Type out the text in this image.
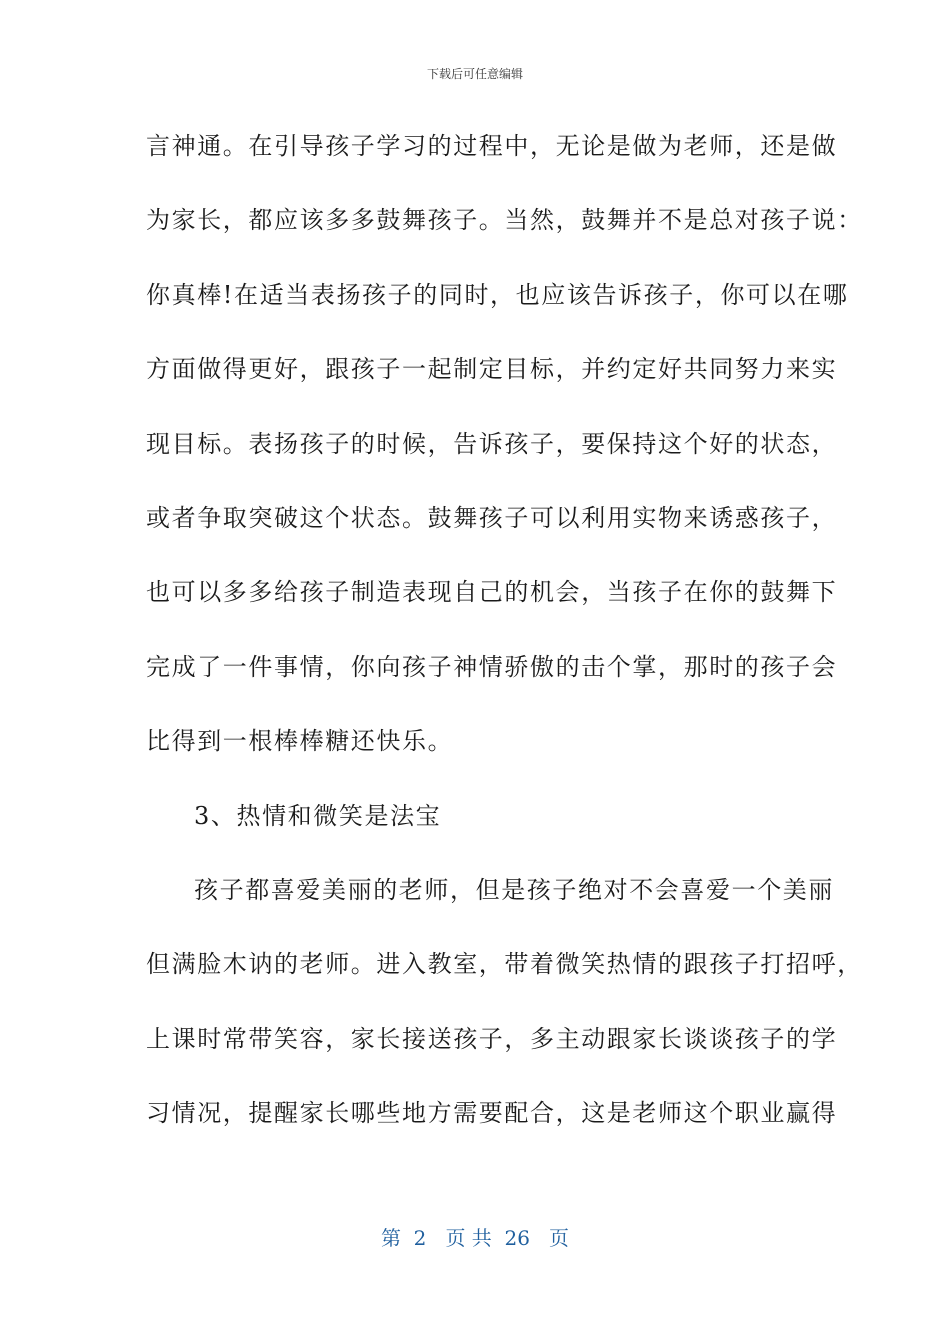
下载后可任意编辑
言神通。在引导孩子学习的过程中，无论是做为老师，还是做
为家长，都应该多多鼓舞孩子。当然，鼓舞并不是总对孩子说：
你真棒!在适当表扬孩子的同时，也应该告诉孩子，你可以在哪
方面做得更好，跟孩子一起制定目标，并约定好共同努力来实
现目标。表扬孩子的时候，告诉孩子，要保持这个好的状态，
或者争取突破这个状态。鼓舞孩子可以利用实物来诱惑孩子，
也可以多多给孩子制造表现自己的机会，当孩子在你的鼓舞下
完成了一件事情，你向孩子神情骄傲的击个掌，那时的孩子会
比得到一根棒棒糖还快乐。
3、热情和微笑是法宝
孩子都喜爱美丽的老师，但是孩子绝对不会喜爱一个美丽
但满脸木讷的老师。进入教室，带着微笑热情的跟孩子打招呼，
上课时常带笑容，家长接送孩子，多主动跟家长谈谈孩子的学
习情况，提醒家长哪些地方需要配合，这是老师这个职业赢得
第  2   页 共  26   页
